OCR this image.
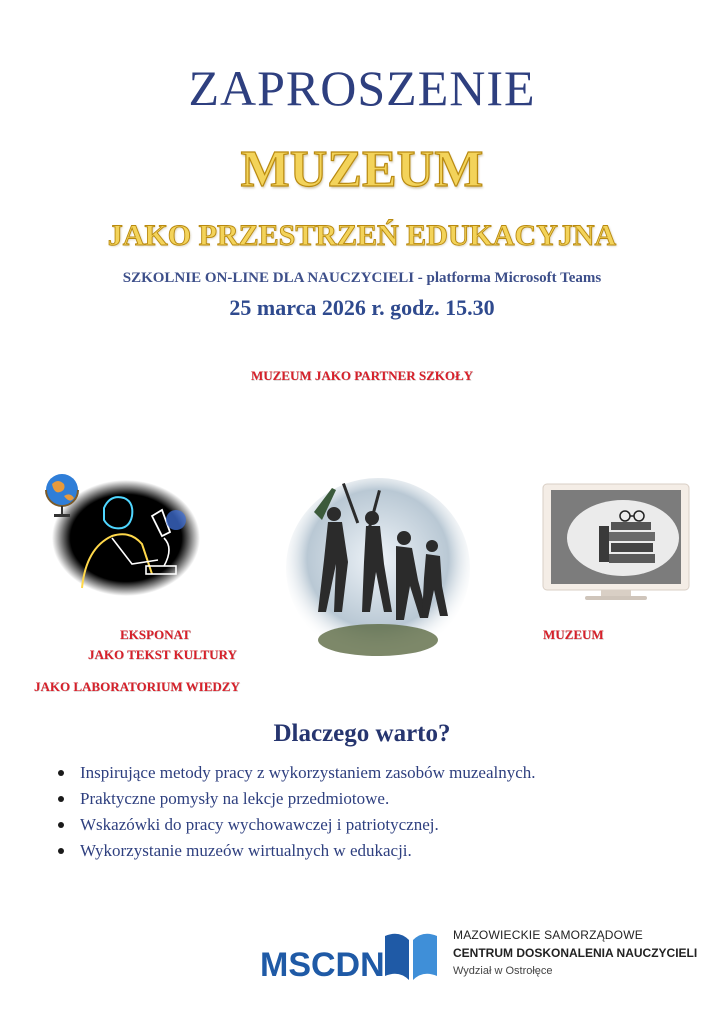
ZAPROSZENIE
MUZEUM
JAKO PRZESTRZEŃ EDUKACYJNA
SZKOLNIE ON-LINE DLA NAUCZYCIELI - platforma Microsoft Teams
25 marca 2026 r. godz. 15.30
MUZEUM JAKO PARTNER SZKOŁY
EKSPONAT
JAKO TEKST KULTURY
JAKO LABORATORIUM WIEDZY
MUZEUM
Dlaczego warto?
Inspirujące metody pracy z wykorzystaniem zasobów muzealnych.
Praktyczne pomysły na lekcje przedmiotowe.
Wskazówki do pracy wychowawczej i patriotycznej.
Wykorzystanie muzeów wirtualnych w edukacji.
MSCDN
MAZOWIECKIE SAMORZĄDOWE
CENTRUM DOSKONALENIA NAUCZYCIELI
Wydział w Ostrołęce
